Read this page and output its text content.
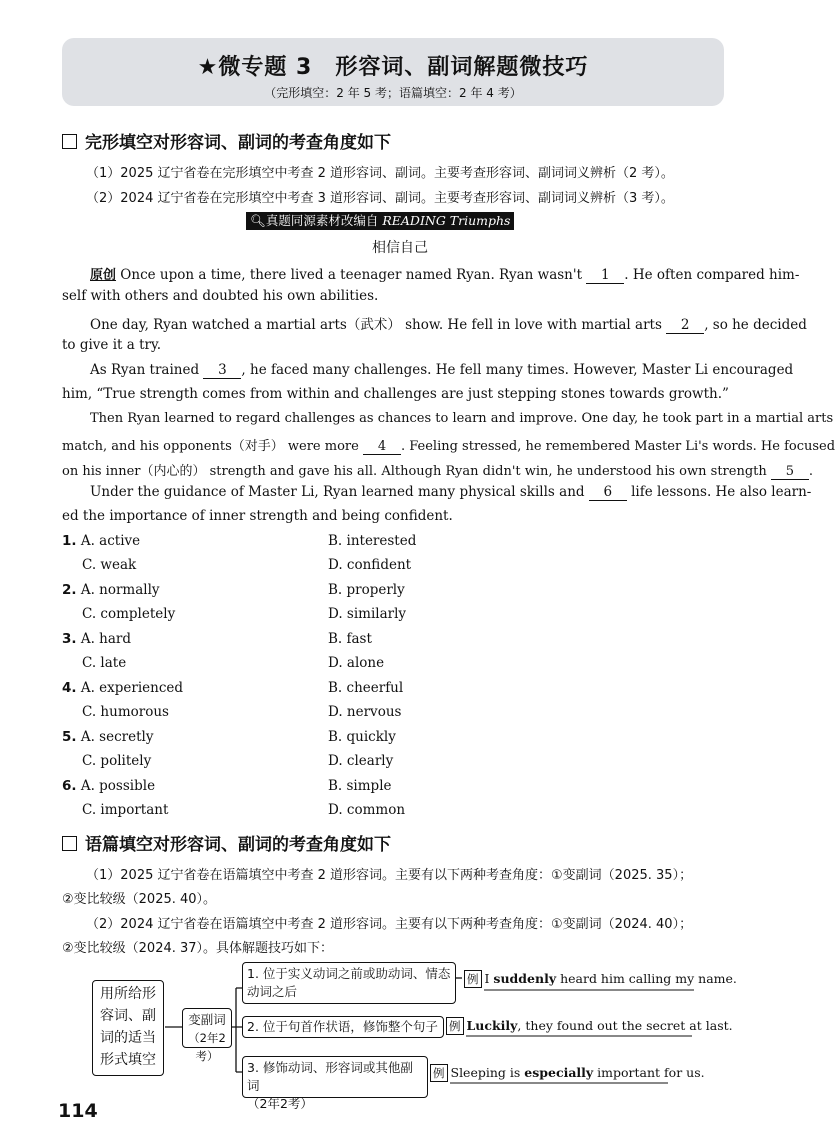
★微专题 3　形容词、副词解题微技巧
（完形填空：2 年 5 考；语篇填空：2 年 4 考）
完形填空对形容词、副词的考查角度如下
（1）2025 辽宁省卷在完形填空中考查 2 道形容词、副词。主要考查形容词、副词词义辨析（2 考）。
（2）2024 辽宁省卷在完形填空中考查 3 道形容词、副词。主要考查形容词、副词词义辨析（3 考）。
🔍︎真题同源素材改编自 READING Triumphs
相信自己
原创 Once upon a time, there lived a teenager named Ryan. Ryan wasn't 1 . He often compared him-
self with others and doubted his own abilities.
One day, Ryan watched a martial arts（武术） show. He fell in love with martial arts 2 , so he decided
to give it a try.
As Ryan trained 3 , he faced many challenges. He fell many times. However, Master Li encouraged
him, “True strength comes from within and challenges are just stepping stones towards growth.”
Then Ryan learned to regard challenges as chances to learn and improve. One day, he took part in a martial arts
match, and his opponents（对手） were more 4 . Feeling stressed, he remembered Master Li's words. He focused
on his inner（内心的） strength and gave his all. Although Ryan didn't win, he understood his own strength 5 .
Under the guidance of Master Li, Ryan learned many physical skills and 6 life lessons. He also learn-
ed the importance of inner strength and being confident.
1. A. active	B. interested
C. weak	D. confident
2. A. normally	B. properly
C. completely	D. similarly
3. A. hard	B. fast
C. late	D. alone
4. A. experienced	B. cheerful
C. humorous	D. nervous
5. A. secretly	B. quickly
C. politely	D. clearly
6. A. possible	B. simple
C. important	D. common
语篇填空对形容词、副词的考查角度如下
（1）2025 辽宁省卷在语篇填空中考查 2 道形容词。主要有以下两种考查角度：①变副词（2025. 35）；
②变比较级（2025. 40）。
（2）2024 辽宁省卷在语篇填空中考查 2 道形容词。主要有以下两种考查角度：①变副词（2024. 40）；
②变比较级（2024. 37）。具体解题技巧如下：
用所给形
容词、副
词的适当
形式填空
变副词
（2年2考）
1. 位于实义动词之前或助动词、情态
动词之后
2. 位于句首作状语，修饰整个句子
3. 修饰动词、形容词或其他副词
（2年2考）
例 I suddenly heard him calling my name.
例 Luckily, they found out the secret at last.
例 Sleeping is especially important for us.
114
